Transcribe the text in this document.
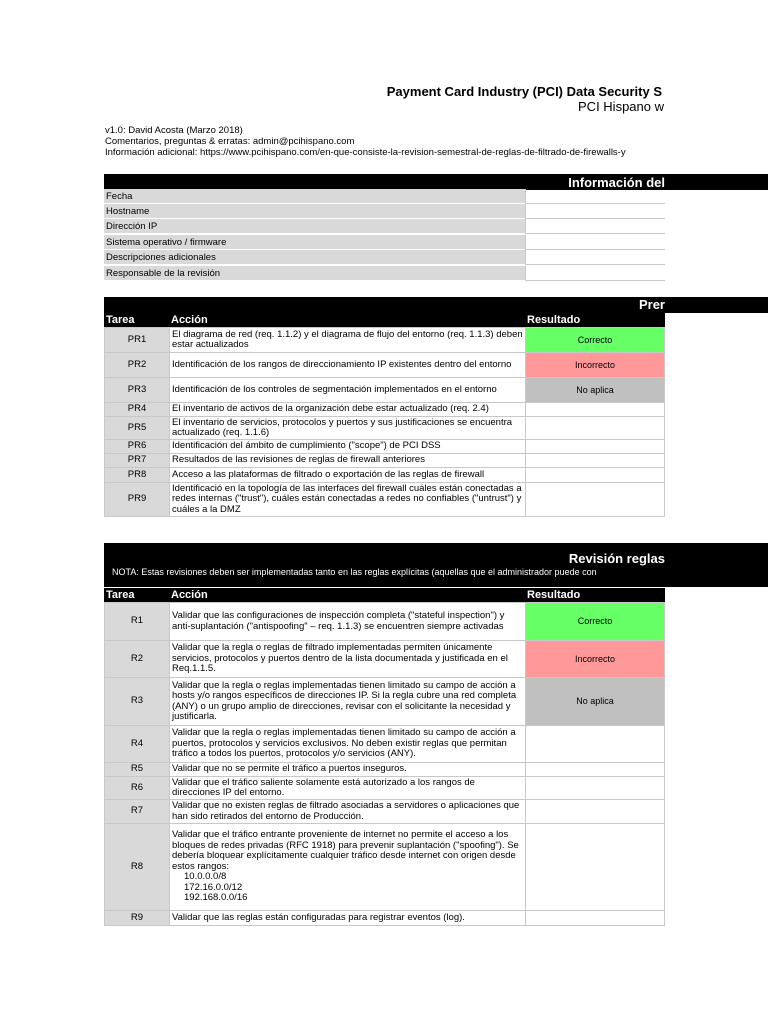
Payment Card Industry (PCI) Data Security S
PCI Hispano w
v1.0: David Acosta (Marzo 2018)
Comentarios, preguntas & erratas: admin@pcihispano.com
Información adicional: https://www.pcihispano.com/en-que-consiste-la-revision-semestral-de-reglas-de-filtrado-de-firewalls-y
Información del
Fecha
Hostname
Dirección IP
Sistema operativo / firmware
Descripciones adicionales
Responsable de la revisión
Prer
Tarea	Acción	Resultado
PR1	El diagrama de red (req. 1.1.2) y el diagrama de flujo del entorno (req. 1.1.3) deben estar actualizados	Correcto
PR2	Identificación de los rangos de direccionamiento IP existentes dentro del entorno	Incorrecto
PR3	Identificación de los controles de segmentación implementados en el entorno	No aplica
PR4	El inventario de activos de la organización debe estar actualizado (req. 2.4)	

PR5	El inventario de servicios, protocolos y puertos y sus justificaciones se encuentra actualizado (req. 1.1.6)	

PR6	Identificación del ámbito de cumplimiento ("scope") de PCI DSS	

PR7	Resultados de las revisiones de reglas de firewall anteriores	

PR8	Acceso a las plataformas de filtrado o exportación de las reglas de firewall	

PR9	Identificació en la topología de las interfaces del firewall cuáles están conectadas a redes internas ("trust"), cuáles están conectadas a redes no confiables ("untrust") y cuáles a la DMZ	

Revisión reglas
NOTA: Estas revisiones deben ser implementadas tanto en las reglas explícitas (aquellas que el administrador puede con
Tarea	Acción	Resultado
R1	Validar que las configuraciones de inspección completa ("stateful inspection") y anti-suplantación ("antispoofing" – req. 1.1.3) se encuentren siempre activadas	Correcto
R2	Validar que la regla o reglas de filtrado implementadas permiten únicamente servicios, protocolos y puertos dentro de la lista documentada y justificada en el Req.1.1.5.	Incorrecto
R3	Validar que la regla o reglas implementadas tienen limitado su campo de acción a hosts y/o rangos específicos de direcciones IP. Si la regla cubre una red completa (ANY) o un grupo amplio de direcciones, revisar con el solicitante la necesidad y justificarla.	No aplica
R4	Validar que la regla o reglas implementadas tienen limitado su campo de acción a puertos, protocolos y servicios exclusivos. No deben existir reglas que permitan tráfico a todos los puertos, protocolos y/o servicios (ANY).	

R5	Validar que no se permite el tráfico a puertos inseguros.	

R6	Validar que el tráfico saliente solamente está autorizado a los rangos de direcciones IP del entorno.	

R7	Validar que no existen reglas de filtrado asociadas a servidores o aplicaciones que han sido retirados del entorno de Producción.	

R8	Validar que el tráfico entrante proveniente de internet no permite el acceso a los bloques de redes privadas (RFC 1918) para prevenir suplantación ("spoofing"). Se debería bloquear explícitamente cualquier tráfico desde internet con origen desde estos rangos:
10.0.0.0/8
172.16.0.0/12
192.168.0.0/16	

R9	Validar que las reglas están configuradas para registrar eventos (log).	
